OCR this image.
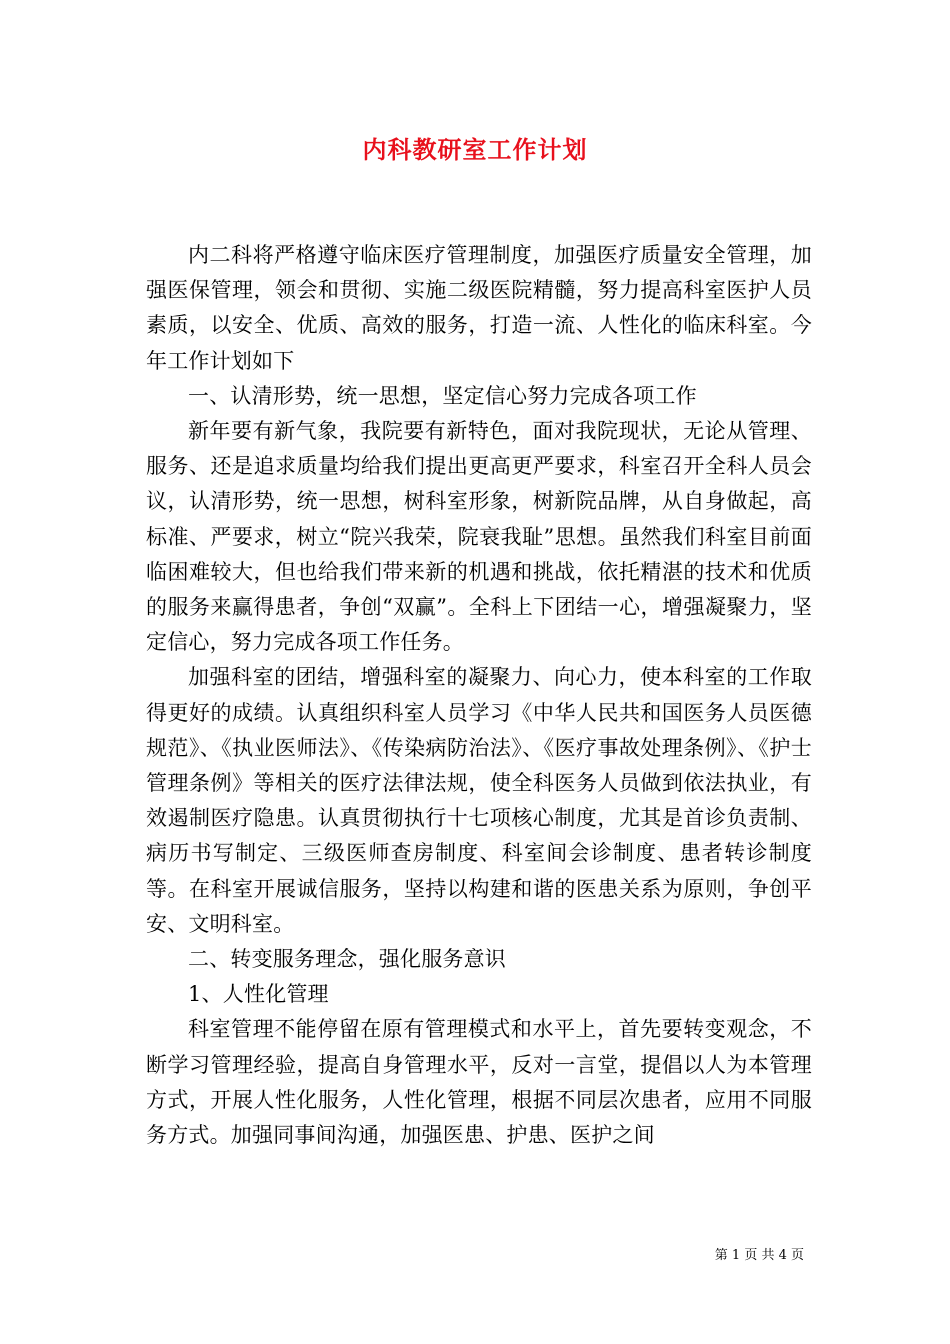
内科教研室工作计划

内二科将严格遵守临床医疗管理制度，加强医疗质量安全管理，加强医保管理，领会和贯彻、实施二级医院精髓，努力提高科室医护人员素质，以安全、优质、高效的服务，打造一流、人性化的临床科室。今年工作计划如下

一、认清形势，统一思想，坚定信心努力完成各项工作

新年要有新气象，我院要有新特色，面对我院现状，无论从管理、服务、还是追求质量均给我们提出更高更严要求，科室召开全科人员会议，认清形势，统一思想，树科室形象，树新院品牌，从自身做起，高标准、严要求，树立“院兴我荣，院衰我耻”思想。虽然我们科室目前面临困难较大，但也给我们带来新的机遇和挑战，依托精湛的技术和优质的服务来赢得患者，争创“双赢”。全科上下团结一心，增强凝聚力，坚定信心，努力完成各项工作任务。

加强科室的团结，增强科室的凝聚力、向心力，使本科室的工作取得更好的成绩。认真组织科室人员学习《中华人民共和国医务人员医德规范》、《执业医师法》、《传染病防治法》、《医疗事故处理条例》、《护士管理条例》等相关的医疗法律法规，使全科医务人员做到依法执业，有效遏制医疗隐患。认真贯彻执行十七项核心制度，尤其是首诊负责制、病历书写制定、三级医师查房制度、科室间会诊制度、患者转诊制度等。在科室开展诚信服务，坚持以构建和谐的医患关系为原则，争创平安、文明科室。

二、转变服务理念，强化服务意识

1、人性化管理

科室管理不能停留在原有管理模式和水平上，首先要转变观念，不断学习管理经验，提高自身管理水平，反对一言堂，提倡以人为本管理方式，开展人性化服务，人性化管理，根据不同层次患者，应用不同服务方式。加强同事间沟通，加强医患、护患、医护之间

第 1 页 共 4 页
